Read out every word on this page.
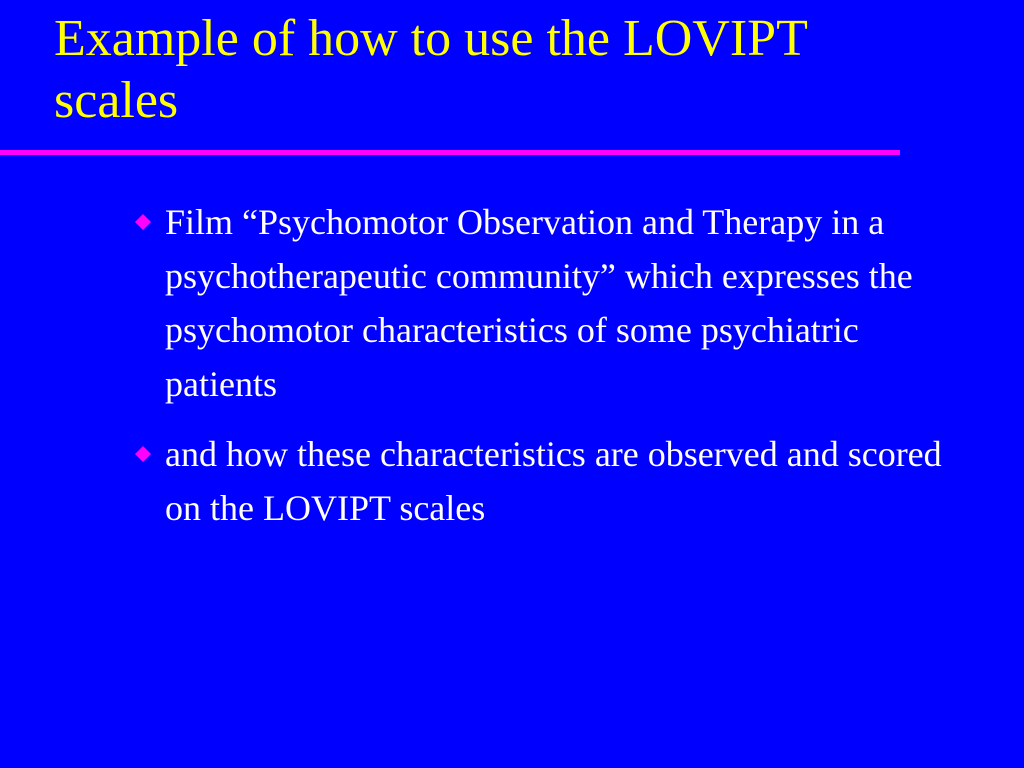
Example of how to use the LOVIPT scales
Film “Psychomotor Observation and Therapy in a psychotherapeutic community” which expresses the psychomotor characteristics of some psychiatric patients
and how these characteristics are observed and scored on the LOVIPT scales
